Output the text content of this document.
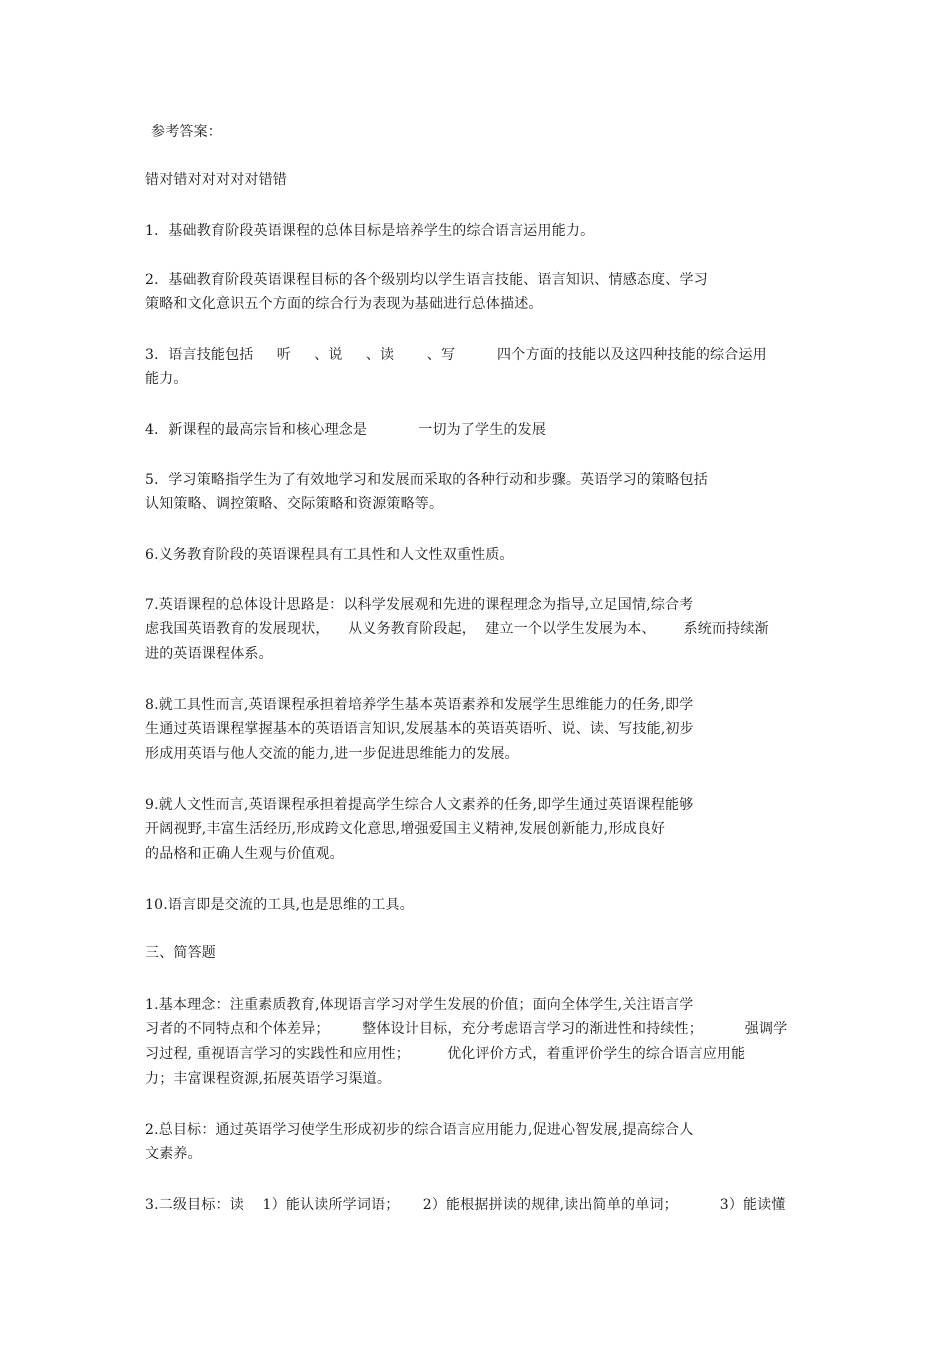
参考答案：
错对错对对对对对错错
1．基础教育阶段英语课程的总体目标是培养学生的综合语言运用能力。
2．基础教育阶段英语课程目标的各个级别均以学生语言技能、语言知识、情感态度、学习
策略和文化意识五个方面的综合行为表现为基础进行总体描述。
3．语言技能包括     听     、说     、读       、写         四个方面的技能以及这四种技能的综合运用
能力。
4．新课程的最高宗旨和核心理念是           一切为了学生的发展
5．学习策略指学生为了有效地学习和发展而采取的各种行动和步骤。英语学习的策略包括
认知策略、调控策略、交际策略和资源策略等。
6.义务教育阶段的英语课程具有工具性和人文性双重性质。
7.英语课程的总体设计思路是：以科学发展观和先进的课程理念为指导,立足国情,综合考
虑我国英语教育的发展现状，    从义务教育阶段起，  建立一个以学生发展为本、      系统而持续渐
进的英语课程体系。
8.就工具性而言,英语课程承担着培养学生基本英语素养和发展学生思维能力的任务,即学
生通过英语课程掌握基本的英语语言知识,发展基本的英语英语听、说、读、写技能,初步
形成用英语与他人交流的能力,进一步促进思维能力的发展。
9.就人文性而言,英语课程承担着提高学生综合人文素养的任务,即学生通过英语课程能够
开阔视野,丰富生活经历,形成跨文化意思,增强爱国主义精神,发展创新能力,形成良好
的品格和正确人生观与价值观。
10.语言即是交流的工具,也是思维的工具。
三、简答题
1.基本理念：注重素质教育,体现语言学习对学生发展的价值；面向全体学生,关注语言学
习者的不同特点和个体差异；       整体设计目标，充分考虑语言学习的渐进性和持续性；         强调学
习过程, 重视语言学习的实践性和应用性；        优化评价方式，着重评价学生的综合语言应用能
力；丰富课程资源,拓展英语学习渠道。
2.总目标：通过英语学习使学生形成初步的综合语言应用能力,促进心智发展,提高综合人
文素养。
3.二级目标：读    1）能认读所学词语；     2）能根据拼读的规律,读出简单的单词；         3）能读懂
